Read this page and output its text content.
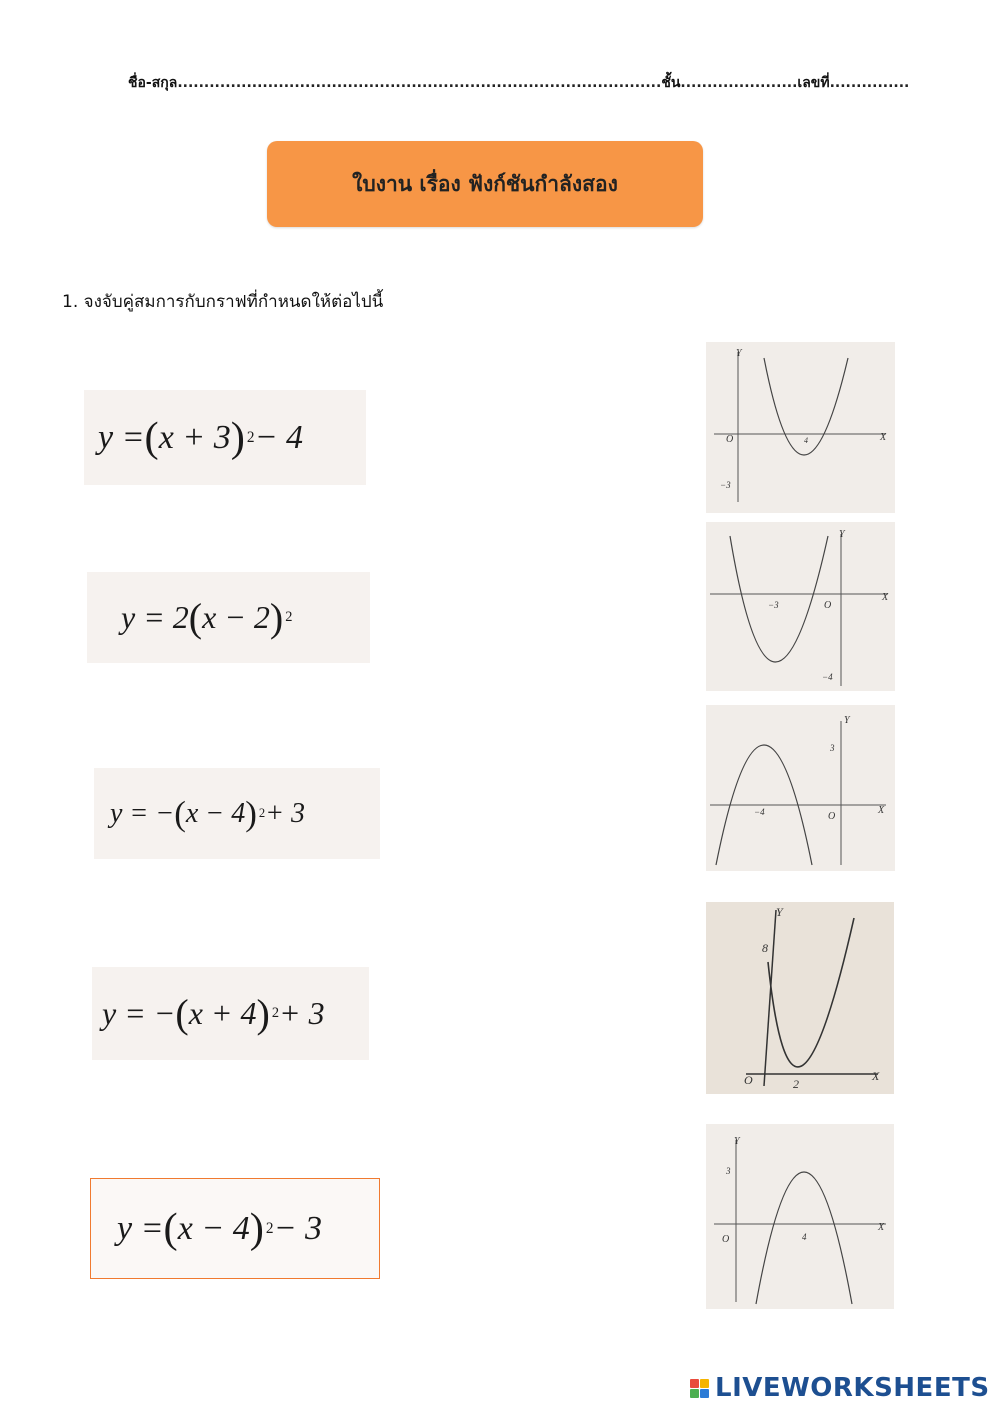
ชื่อ-สกุล...........................................................................................ชั้น......................เลขที่...............
ใบงาน เรื่อง ฟังก์ชันกำลังสอง
1. จงจับคู่สมการกับกราฟที่กำหนดให้ต่อไปนี้
y = ( x + 3 ) 2 − 4
y = 2 ( x − 2 ) 2
y = − ( x − 4 ) 2 + 3
y = − ( x + 4 ) 2 + 3
y = ( x − 4 ) 2 − 3
Y
X
O	4
−3
Y
X
O
−3
−4
Y
X
O
−4
3
Y
X
O	2
8
Y
X
O	4
3
LIVEWORKSHEETS
